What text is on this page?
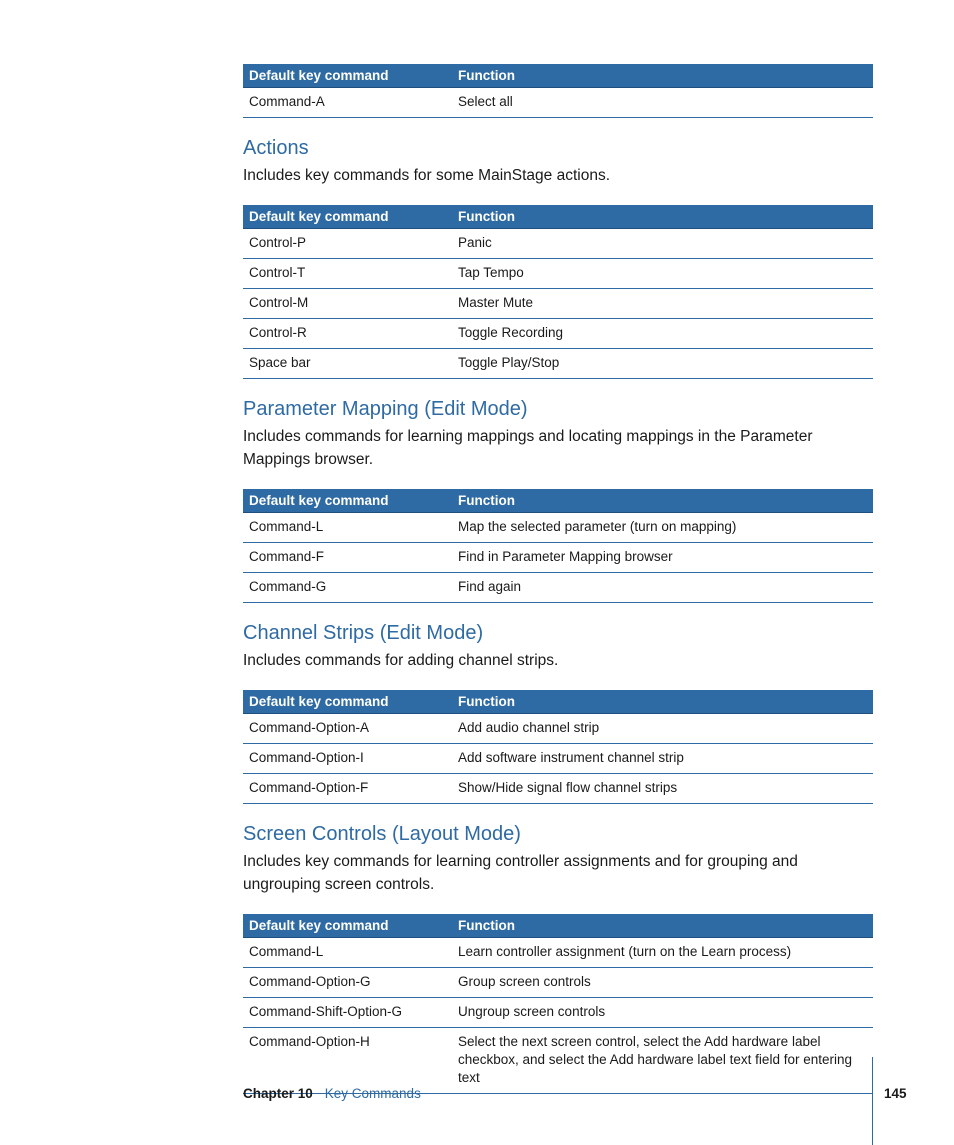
Default key command	Function
Command-A	Select all
Actions

Includes key commands for some MainStage actions.

Default key command	Function
Control-P	Panic
Control-T	Tap Tempo
Control-M	Master Mute
Control-R	Toggle Recording
Space bar	Toggle Play/Stop
Parameter Mapping (Edit Mode)

Includes commands for learning mappings and locating mappings in the Parameter Mappings browser.

Default key command	Function
Command-L	Map the selected parameter (turn on mapping)
Command-F	Find in Parameter Mapping browser
Command-G	Find again
Channel Strips (Edit Mode)

Includes commands for adding channel strips.

Default key command	Function
Command-Option-A	Add audio channel strip
Command-Option-I	Add software instrument channel strip
Command-Option-F	Show/Hide signal flow channel strips
Screen Controls (Layout Mode)

Includes key commands for learning controller assignments and for grouping and ungrouping screen controls.

Default key command	Function
Command-L	Learn controller assignment (turn on the Learn process)
Command-Option-G	Group screen controls
Command-Shift-Option-G	Ungroup screen controls
Command-Option-H	Select the next screen control, select the Add hardware label checkbox, and select the Add hardware label text field for entering text
Chapter 10 Key Commands	145
